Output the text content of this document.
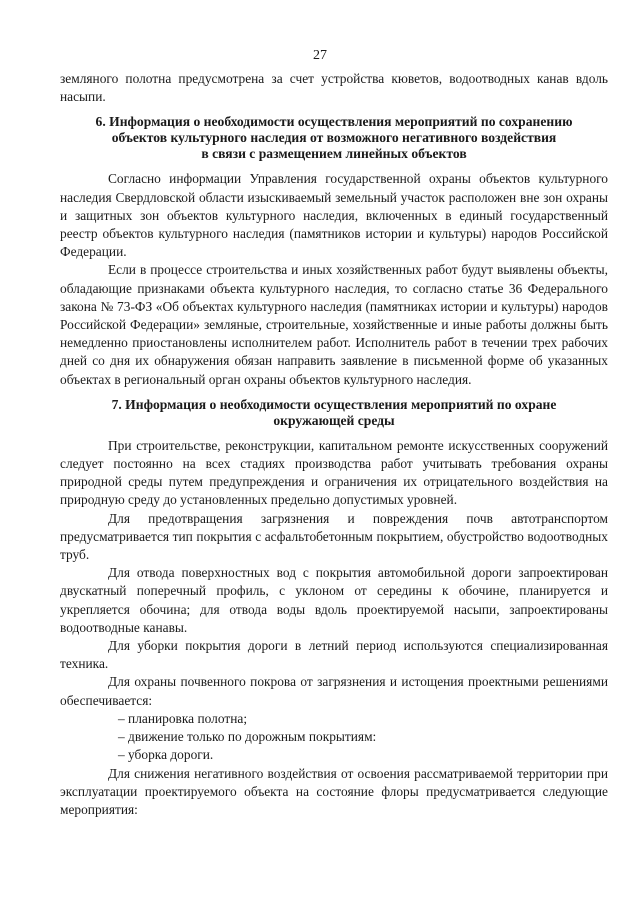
27

земляного полотна предусмотрена за счет устройства кюветов, водоотводных канав вдоль насыпи.

6. Информация о необходимости осуществления мероприятий по сохранению
объектов культурного наследия от возможного негативного воздействия
в связи с размещением линейных объектов

Согласно информации Управления государственной охраны объектов культурного наследия Свердловской области изыскиваемый земельный участок расположен вне зон охраны и защитных зон объектов культурного наследия, включенных в единый государственный реестр объектов культурного наследия (памятников истории и культуры) народов Российской Федерации.

Если в процессе строительства и иных хозяйственных работ будут выявлены объекты, обладающие признаками объекта культурного наследия, то согласно статье 36 Федерального закона № 73-ФЗ «Об объектах культурного наследия (памятниках истории и культуры) народов Российской Федерации» земляные, строительные, хозяйственные и иные работы должны быть немедленно приостановлены исполнителем работ. Исполнитель работ в течении трех рабочих дней со дня их обнаружения обязан направить заявление в письменной форме об указанных объектах в региональный орган охраны объектов культурного наследия.

7. Информация о необходимости осуществления мероприятий по охране
окружающей среды

При строительстве, реконструкции, капитальном ремонте искусственных сооружений следует постоянно на всех стадиях производства работ учитывать требования охраны природной среды путем предупреждения и ограничения их отрицательного воздействия на природную среду до установленных предельно допустимых уровней.

Для предотвращения загрязнения и повреждения почв автотранспортом предусматривается тип покрытия с асфальтобетонным покрытием, обустройство водоотводных труб.

Для отвода поверхностных вод с покрытия автомобильной дороги запроектирован двускатный поперечный профиль, с уклоном от середины к обочине, планируется и укрепляется обочина; для отвода воды вдоль проектируемой насыпи, запроектированы водоотводные канавы.

Для уборки покрытия дороги в летний период используются специализированная техника.

Для охраны почвенного покрова от загрязнения и истощения проектными решениями обеспечивается:

– планировка полотна;
– движение только по дорожным покрытиям:
– уборка дороги.

Для снижения негативного воздействия от освоения рассматриваемой территории при эксплуатации проектируемого объекта на состояние флоры предусматривается следующие мероприятия:
